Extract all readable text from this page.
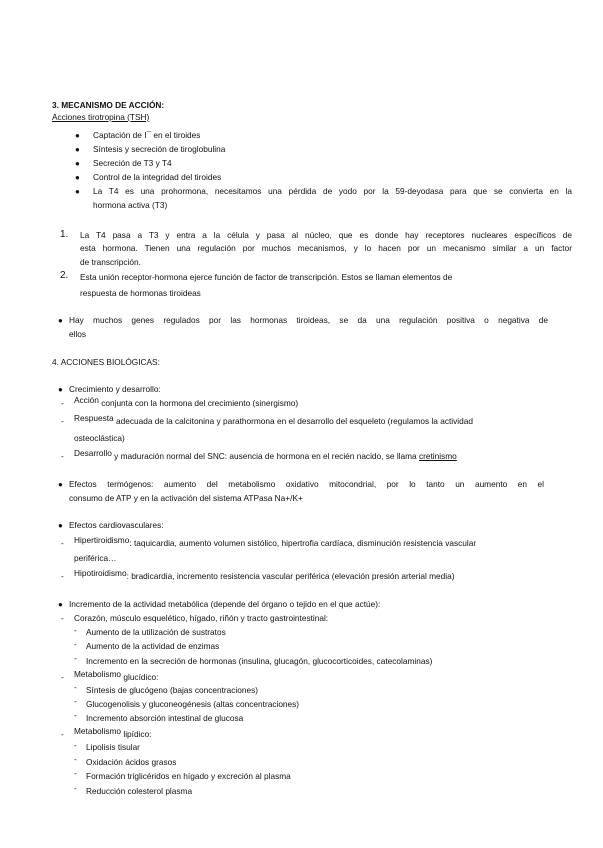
3. MECANISMO DE ACCIÓN:
Acciones tirotropina (TSH)
● Captación de I¯ en el tiroides
● Síntesis y secreción de tiroglobulina
● Secreción de T3 y T4
● Control de la integridad del tiroides
● La T4 es una prohormona, necesitamos una pérdida de yodo por la 59-deyodasa para que se convierta en la
hormona activa (T3)
1. La T4 pasa a T3 y entra a la célula y pasa al núcleo, que es donde hay receptores nucleares específicos de
esta hormona. Tienen una regulación por muchos mecanismos, y lo hacen por un mecanismo similar a un factor
de transcripción.
2. Esta unión receptor-hormona ejerce función de factor de transcripción. Estos se llaman elementos de
respuesta de hormonas tiroideas
● Hay muchos genes regulados por las hormonas tiroideas, se da una regulación positiva o negativa de
ellos
4. ACCIONES BIOLÓGICAS:
● Crecimiento y desarrollo:
- Acción conjunta con la hormona del crecimiento (sinergismo)
- Respuesta adecuada de la calcitonina y parathormona en el desarrollo del esqueleto (regulamos la actividad
osteoclástica)
- Desarrollo y maduración normal del SNC: ausencia de hormona en el recién nacido, se llama cretinismo
● Efectos termógenos: aumento del metabolismo oxidativo mitocondrial, por lo tanto un aumento en el
consumo de ATP y en la activación del sistema ATPasa Na+/K+
● Efectos cardiovasculares:
- Hipertiroidismo: taquicardia, aumento volumen sistólico, hipertrofia cardíaca, disminución resistencia vascular
periférica…
- Hipotiroidismo: bradicardia, incremento resistencia vascular periférica (elevación presión arterial media)
● Incremento de la actividad metabólica (depende del órgano o tejido en el que actúe):
- Corazón, músculo esquelético, hígado, riñón y tracto gastrointestinal:
- Aumento de la utilización de sustratos
- Aumento de la actividad de enzimas
- Incremento en la secreción de hormonas (insulina, glucagón, glucocorticoides, catecolaminas)
- Metabolismo glucídico:
- Síntesis de glucógeno (bajas concentraciones)
- Glucogenolisis y gluconeogénesis (altas concentraciones)
- Incremento absorción intestinal de glucosa
- Metabolismo lipídico:
- Lipolisis tisular
- Oxidación ácidos grasos
- Formación triglicéridos en hígado y excreción al plasma
- Reducción colesterol plasma
